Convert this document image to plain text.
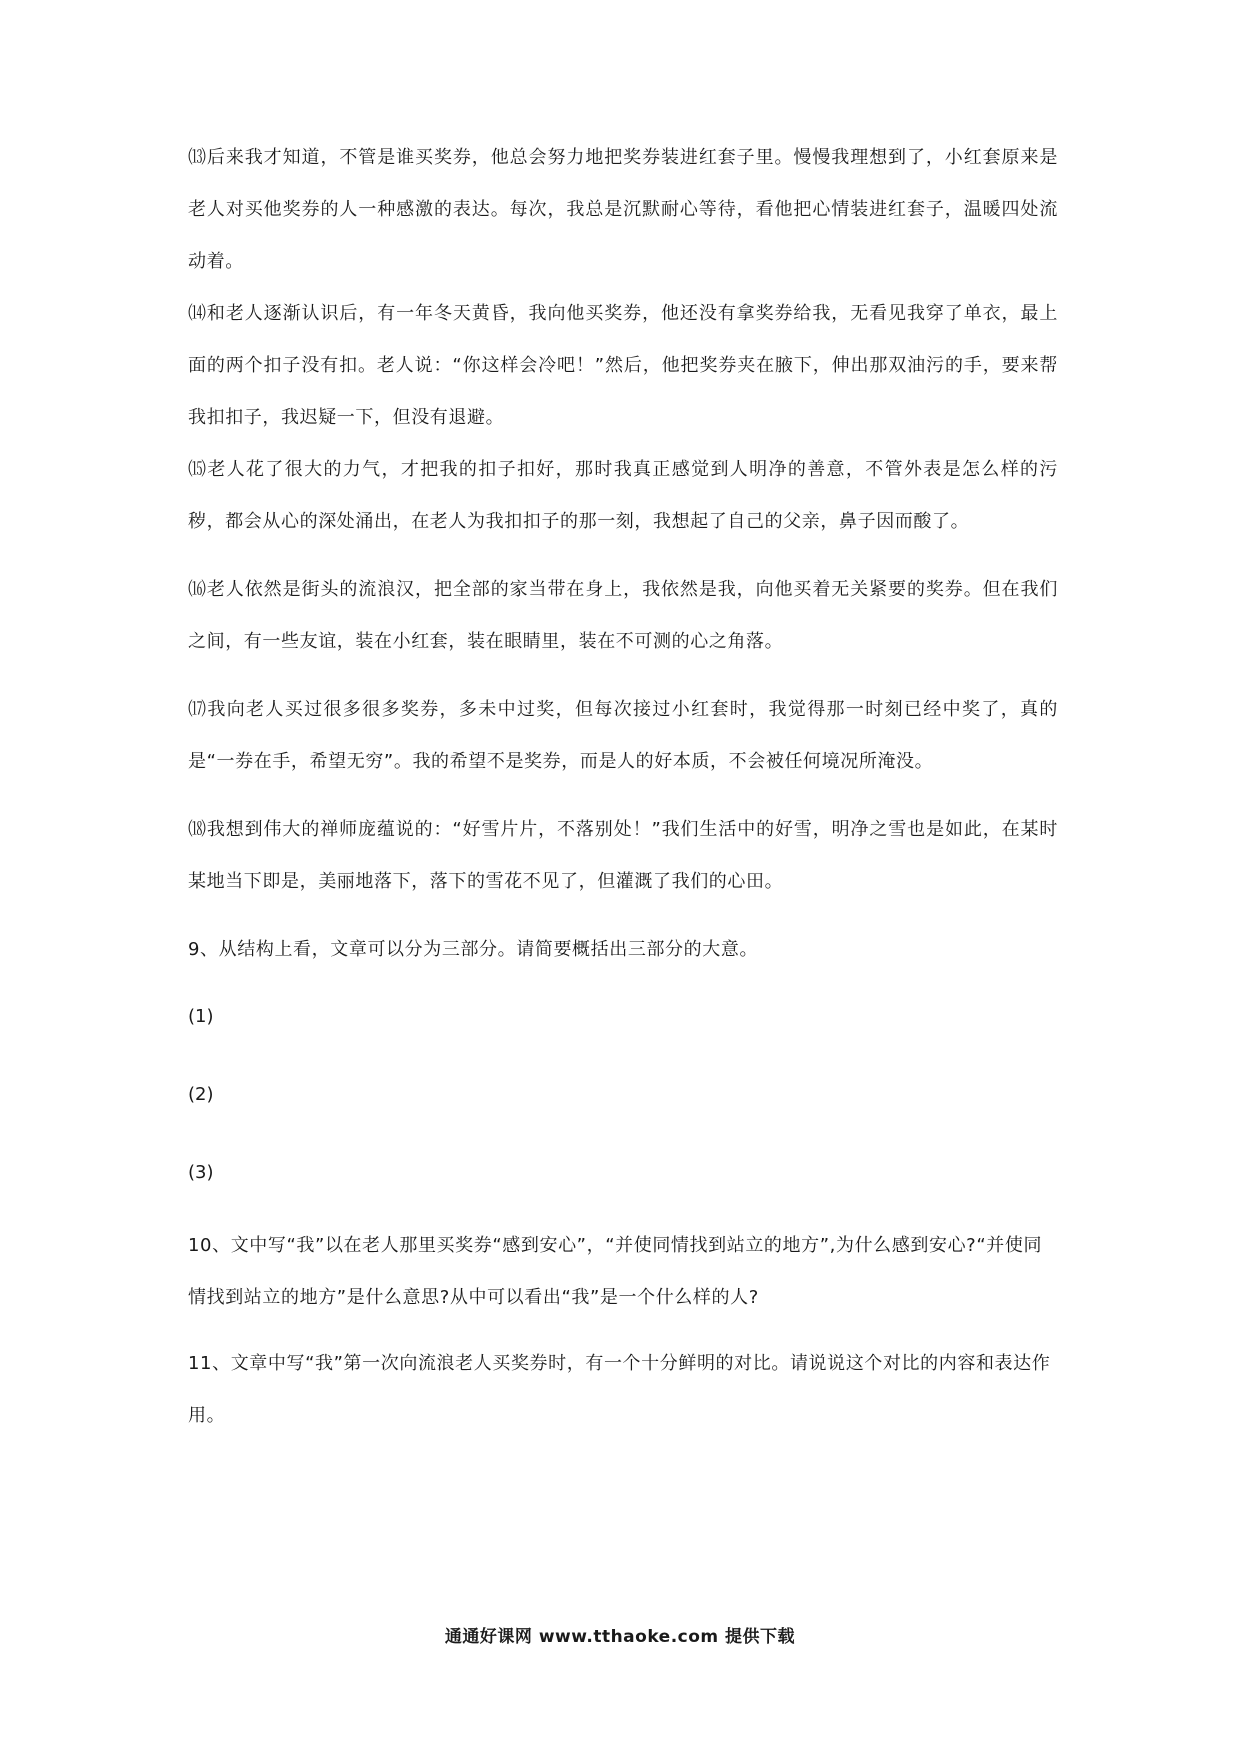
⒀后来我才知道，不管是谁买奖券，他总会努力地把奖券装进红套子里。慢慢我理想到了，小红套原来是老人对买他奖券的人一种感激的表达。每次，我总是沉默耐心等待，看他把心情装进红套子，温暖四处流动着。

⒁和老人逐渐认识后，有一年冬天黄昏，我向他买奖券，他还没有拿奖券给我，无看见我穿了单衣，最上面的两个扣子没有扣。老人说：“你这样会冷吧！”然后，他把奖券夹在腋下，伸出那双油污的手，要来帮我扣扣子，我迟疑一下，但没有退避。

⒂老人花了很大的力气，才把我的扣子扣好，那时我真正感觉到人明净的善意，不管外表是怎么样的污秽，都会从心的深处涌出，在老人为我扣扣子的那一刻，我想起了自己的父亲，鼻子因而酸了。

⒃老人依然是街头的流浪汉，把全部的家当带在身上，我依然是我，向他买着无关紧要的奖券。但在我们之间，有一些友谊，装在小红套，装在眼睛里，装在不可测的心之角落。

⒄我向老人买过很多很多奖券，多未中过奖，但每次接过小红套时，我觉得那一时刻已经中奖了，真的是“一券在手，希望无穷”。我的希望不是奖券，而是人的好本质，不会被任何境况所淹没。

⒅我想到伟大的禅师庞蕴说的：“好雪片片，不落别处！”我们生活中的好雪，明净之雪也是如此，在某时某地当下即是，美丽地落下，落下的雪花不见了，但灌溉了我们的心田。

9、从结构上看，文章可以分为三部分。请简要概括出三部分的大意。

(1)

(2)

(3)

10、文中写“我”以在老人那里买奖券“感到安心”，“并使同情找到站立的地方”,为什么感到安心?“并使同情找到站立的地方”是什么意思?从中可以看出“我”是一个什么样的人?

11、文章中写“我”第一次向流浪老人买奖券时，有一个十分鲜明的对比。请说说这个对比的内容和表达作用。

通通好课网 www.tthaoke.com 提供下载
